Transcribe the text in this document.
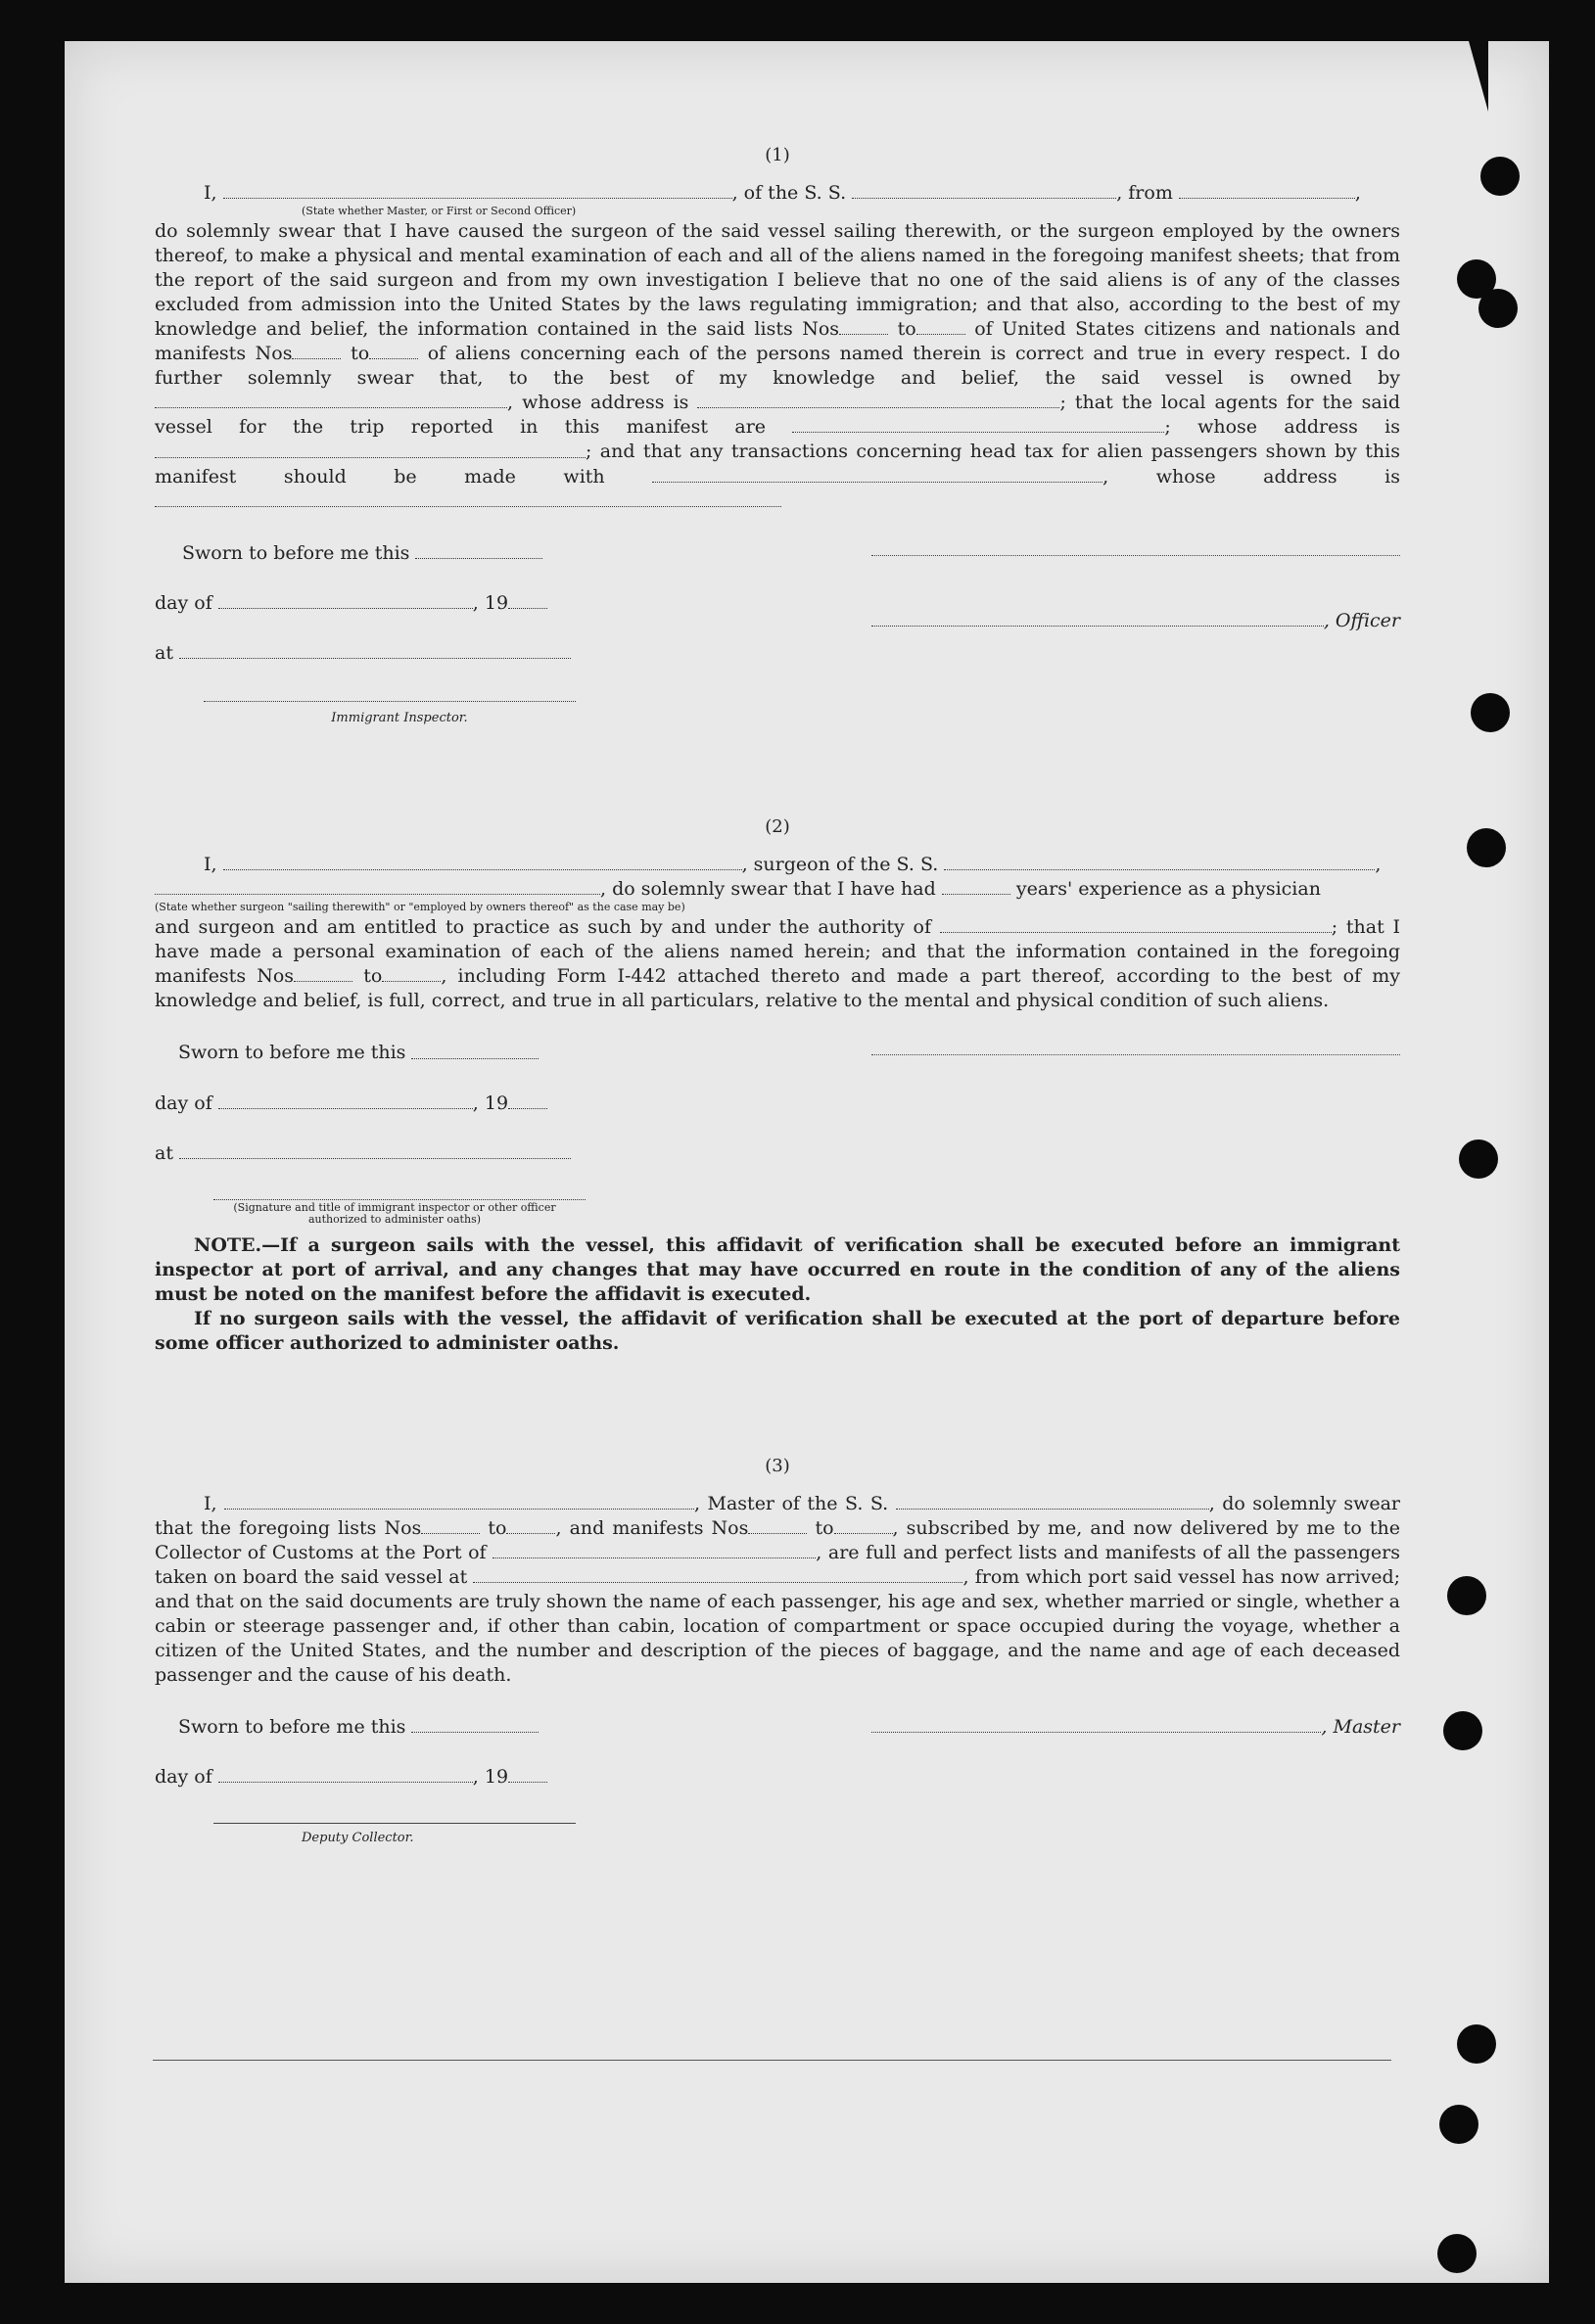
(1)

I,	, of the S. S.	, from	,

(State whether Master, or First or Second Officer)

do solemnly swear that I have caused the surgeon of the said vessel sailing therewith, or the surgeon employed by the owners thereof, to make a physical and mental examination of each and all of the aliens named in the foregoing manifest sheets; that from the report of the said surgeon and from my own investigation I believe that no one of the said aliens is of any of the classes excluded from admission into the United States by the laws regulating immigration; and that also, according to the best of my knowledge and belief, the information contained in the said lists Nos	to	of United States citizens and nationals and manifests Nos	to	of aliens concerning each of the persons named therein is correct and true in every respect. I do further solemnly swear that, to the best of my knowledge and belief, the said vessel is owned by , whose address is	; that the local agents for the said vessel for the trip reported in this manifest are	; whose address is ; and that any transactions concerning head tax for alien passengers shown by this manifest should be made with	, whose address is

Sworn to before me this
day of	, 19
at
Immigrant Inspector.
, Officer
(2)

I,	, surgeon of the S. S.	,

, do solemnly swear that I have had	years' experience as a physician

(State whether surgeon "sailing therewith" or "employed by owners thereof" as the case may be)

and surgeon and am entitled to practice as such by and under the authority of	; that I have made a personal examination of each of the aliens named herein; and that the information contained in the foregoing manifests Nos	to	, including Form I-442 attached thereto and made a part thereof, according to the best of my knowledge and belief, is full, correct, and true in all particulars, relative to the mental and physical condition of such aliens.

Sworn to before me this
day of	, 19
at
(Signature and title of immigrant inspector or other officer authorized to administer oaths)

NOTE.—If a surgeon sails with the vessel, this affidavit of verification shall be executed before an immigrant inspector at port of arrival, and any changes that may have occurred en route in the condition of any of the aliens must be noted on the manifest before the affidavit is executed.

If no surgeon sails with the vessel, the affidavit of verification shall be executed at the port of departure before some officer authorized to administer oaths.

(3)

I,	, Master of the S. S.	, do solemnly swear that the foregoing lists Nos	to	, and manifests Nos	to	, subscribed by me, and now delivered by me to the Collector of Customs at the Port of	, are full and perfect lists and manifests of all the passengers taken on board the said vessel at	, from which port said vessel has now arrived; and that on the said documents are truly shown the name of each passenger, his age and sex, whether married or single, whether a cabin or steerage passenger and, if other than cabin, location of compartment or space occupied during the voyage, whether a citizen of the United States, and the number and description of the pieces of baggage, and the name and age of each deceased passenger and the cause of his death.

Sworn to before me this
day of	, 19
Deputy Collector.
, Master
